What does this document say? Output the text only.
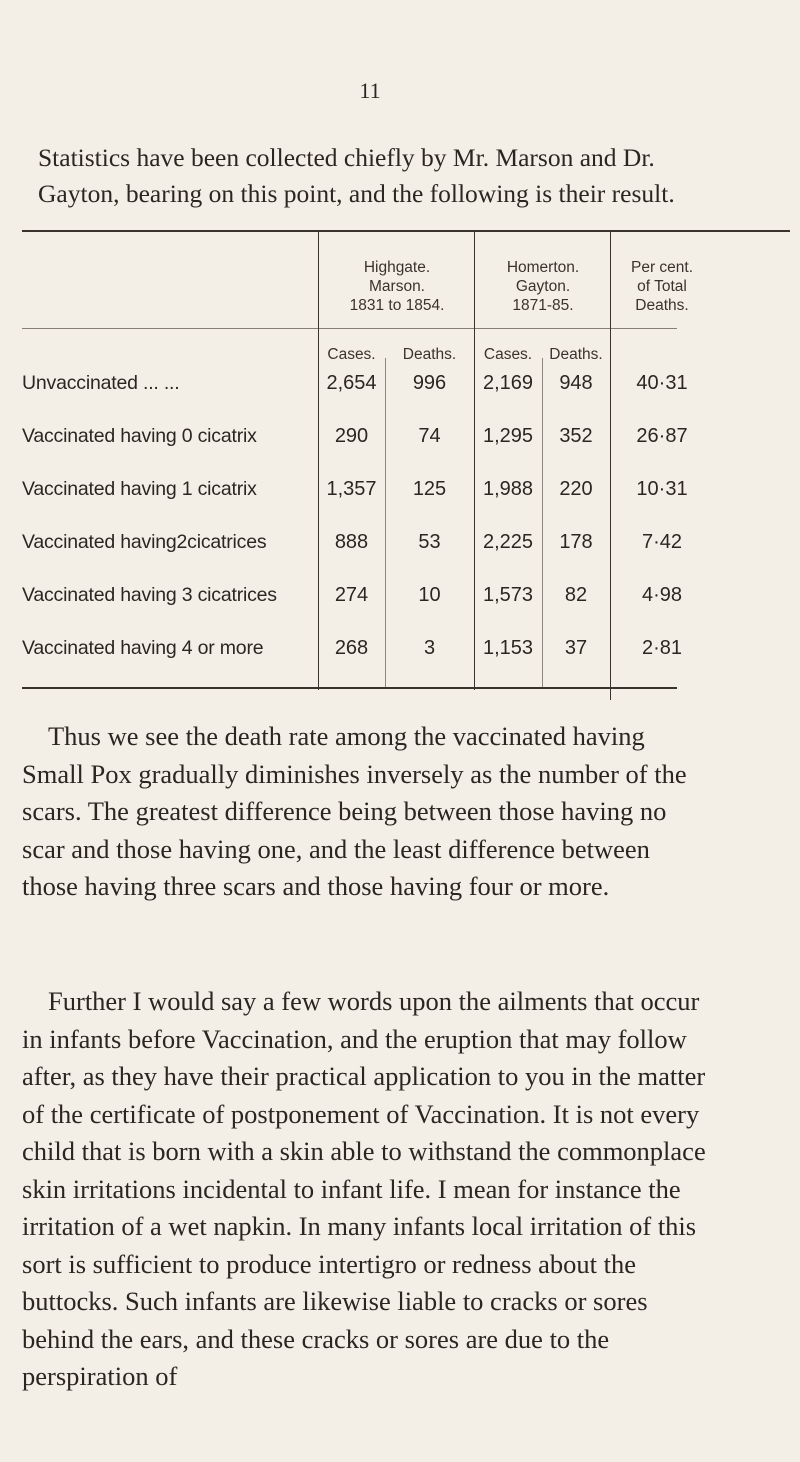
11

Statistics have been collected chiefly by Mr. Marson and Dr. Gayton, bearing on this point, and the following is their result.

Highgate.
Marson.
1831 to 1854.
Homerton.
Gayton.
1871-85.
Per cent.
of Total
Deaths.
Cases.	Deaths.	Cases.	Deaths.
Unvaccinated ... ...	2,654	996	2,169	948	40·31
Vaccinated having 0 cicatrix	290	74	1,295	352	26·87
Vaccinated having 1 cicatrix	1,357	125	1,988	220	10·31
Vaccinated having2cicatrices	888	53	2,225	178	7·42
Vaccinated having 3 cicatrices	274	10	1,573	82	4·98
Vaccinated having 4 or more	268	3	1,153	37	2·81

Thus we see the death rate among the vaccinated having Small Pox gradually diminishes inversely as the number of the scars. The greatest difference being between those having no scar and those having one, and the least difference between those having three scars and those having four or more.

Further I would say a few words upon the ailments that occur in infants before Vaccination, and the eruption that may follow after, as they have their practical application to you in the matter of the certificate of postponement of Vaccination. It is not every child that is born with a skin able to withstand the commonplace skin irritations incidental to infant life. I mean for instance the irritation of a wet napkin. In many infants local irritation of this sort is sufficient to produce intertigro or redness about the buttocks. Such infants are likewise liable to cracks or sores behind the ears, and these cracks or sores are due to the perspiration of
